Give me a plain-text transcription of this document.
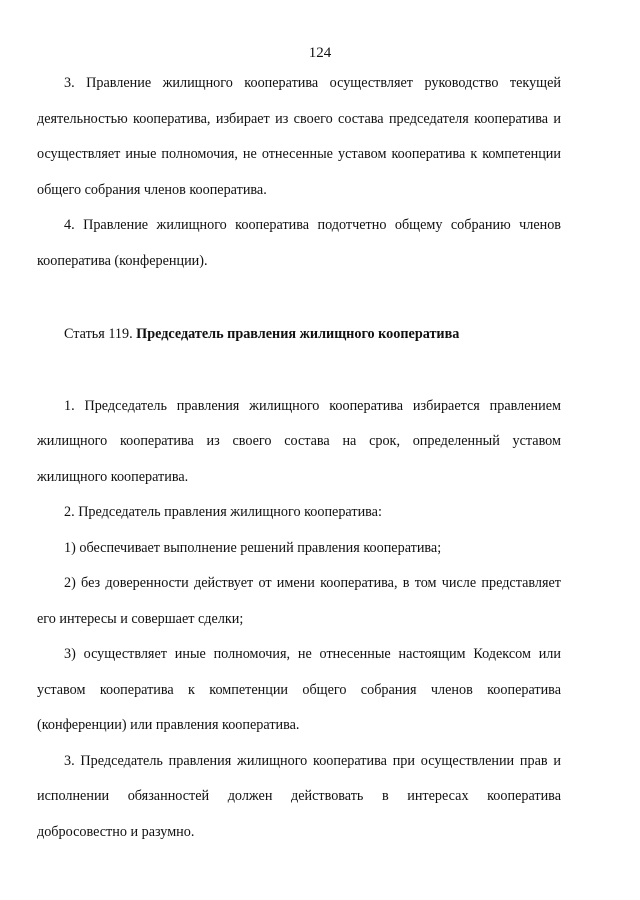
124

3. Правление жилищного кооператива осуществляет руководство текущей деятельностью кооператива, избирает из своего состава председателя кооператива и осуществляет иные полномочия, не отнесенные уставом кооператива к компетенции общего собрания членов кооператива.

4. Правление жилищного кооператива подотчетно общему собранию членов кооператива (конференции).

Статья 119. Председатель правления жилищного кооператива

1. Председатель правления жилищного кооператива избирается правлением жилищного кооператива из своего состава на срок, определенный уставом жилищного кооператива.

2. Председатель правления жилищного кооператива:

1) обеспечивает выполнение решений правления кооператива;

2) без доверенности действует от имени кооператива, в том числе представляет его интересы и совершает сделки;

3) осуществляет иные полномочия, не отнесенные настоящим Кодексом или уставом кооператива к компетенции общего собрания членов кооператива (конференции) или правления кооператива.

3. Председатель правления жилищного кооператива при осуществлении прав и исполнении обязанностей должен действовать в интересах кооператива добросовестно и разумно.
